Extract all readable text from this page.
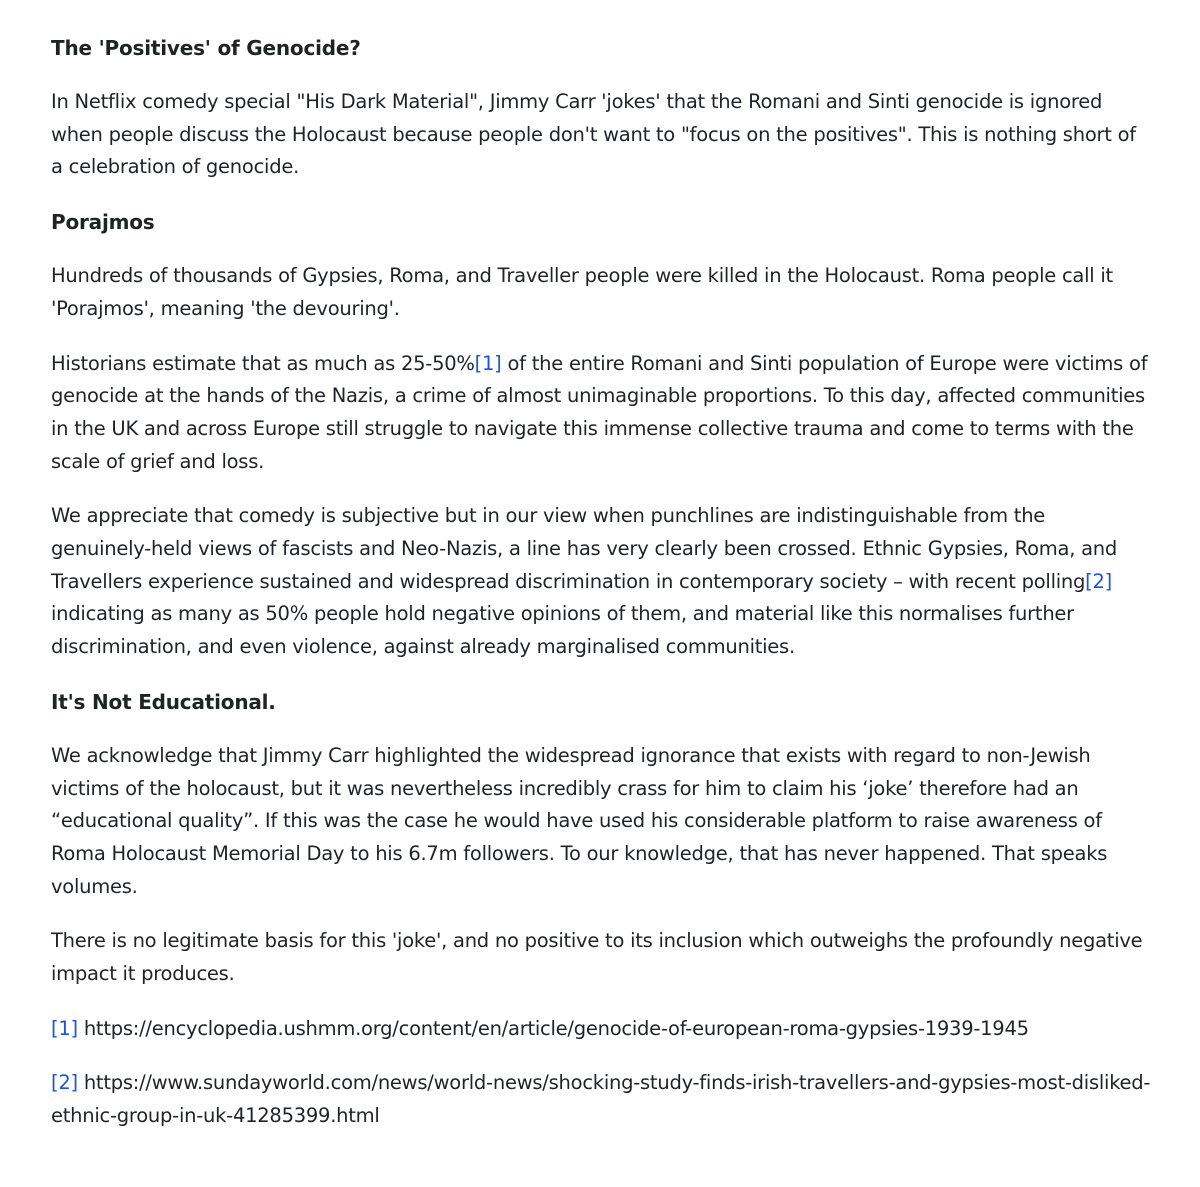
The 'Positives' of Genocide?

In Netflix comedy special "His Dark Material", Jimmy Carr 'jokes' that the Romani and Sinti genocide is ignored when people discuss the Holocaust because people don't want to "focus on the positives". This is nothing short of a celebration of genocide.

Porajmos

Hundreds of thousands of Gypsies, Roma, and Traveller people were killed in the Holocaust. Roma people call it 'Porajmos', meaning 'the devouring'.

Historians estimate that as much as 25-50%[1] of the entire Romani and Sinti population of Europe were victims of genocide at the hands of the Nazis, a crime of almost unimaginable proportions. To this day, affected communities in the UK and across Europe still struggle to navigate this immense collective trauma and come to terms with the scale of grief and loss.

We appreciate that comedy is subjective but in our view when punchlines are indistinguishable from the genuinely-held views of fascists and Neo-Nazis, a line has very clearly been crossed. Ethnic Gypsies, Roma, and Travellers experience sustained and widespread discrimination in contemporary society – with recent polling[2] indicating as many as 50% people hold negative opinions of them, and material like this normalises further discrimination, and even violence, against already marginalised communities.

It's Not Educational.

We acknowledge that Jimmy Carr highlighted the widespread ignorance that exists with regard to non-Jewish victims of the holocaust, but it was nevertheless incredibly crass for him to claim his ‘joke’ therefore had an “educational quality”. If this was the case he would have used his considerable platform to raise awareness of Roma Holocaust Memorial Day to his 6.7m followers. To our knowledge, that has never happened. That speaks volumes.

There is no legitimate basis for this 'joke', and no positive to its inclusion which outweighs the profoundly negative impact it produces.

[1] https://encyclopedia.ushmm.org/content/en/article/genocide-of-european-roma-gypsies-1939-1945

[2] https://www.sundayworld.com/news/world-news/shocking-study-finds-irish-travellers-and-gypsies-most-disliked-ethnic-group-in-uk-41285399.html
